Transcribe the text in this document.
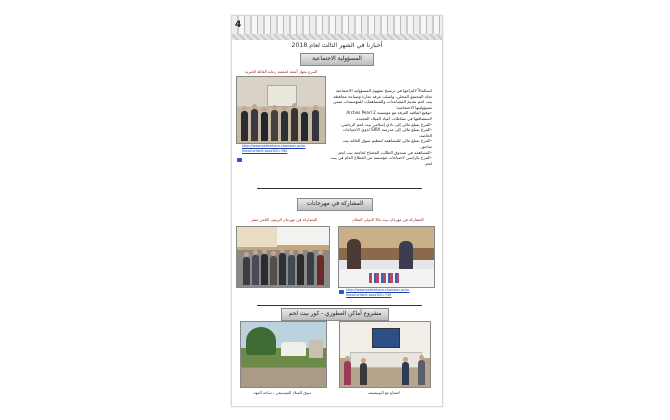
4
أخبارنا في الشهر الثالث لعام 2018
المسؤولية الاجتماعية
التبرع بجهاز أشعة لجمعية رعاية العائلة الخيرية
http://www.bethlehem-chamber.ps/ar
ViewContent.aspx?ID=780

استكمالاً لالتزامها في ترسيخ مفهوم المسؤولية الاجتماعية تجاه المجتمع المحلي، واصلت غرفة تجارة وصناعة محافظة بيت لحم تقديم المساعدات والمساهمات للمؤسسات ضمن مسؤوليتها الاجتماعية:

-توقيع اتفاقية الغرفة مع مؤسسة 2 Arches Pearl لاستضافتها في نشاطات أعياد الميلاد المجيدة.

-التبرع بمبلغ مالي إلى نادي إسلامي بيت لحم الرياضي.

-التبرع بمبلغ مالي إلى مدرسة SIRA لذوي الاحتياجات الخاصة.

-التبرع بمبلغ مالي للمساهمة لتنظيم سوق العائلة بيت ساحور.

-المساهمة في صندوق الطالب المحتاج لجامعة بيت لحم.

-التبرع بكراسي لاحتياجات مؤسسة من القطاع العام في بيت لحم.

المشاركة في مهرجانات
المشاركة في مهرجان الزيتون الثامن عشر	المشاركة في مهرجان بيت جالا الدولي السلام
http://www.bethlehem-chamber.ps/ar
ViewContent.aspx?ID=749
مشروع أماكن العطوري - كور بيت لحم
سوق الميلاد الموسيقي - ساحة المهد	اجتماع مع اليونيسيف
